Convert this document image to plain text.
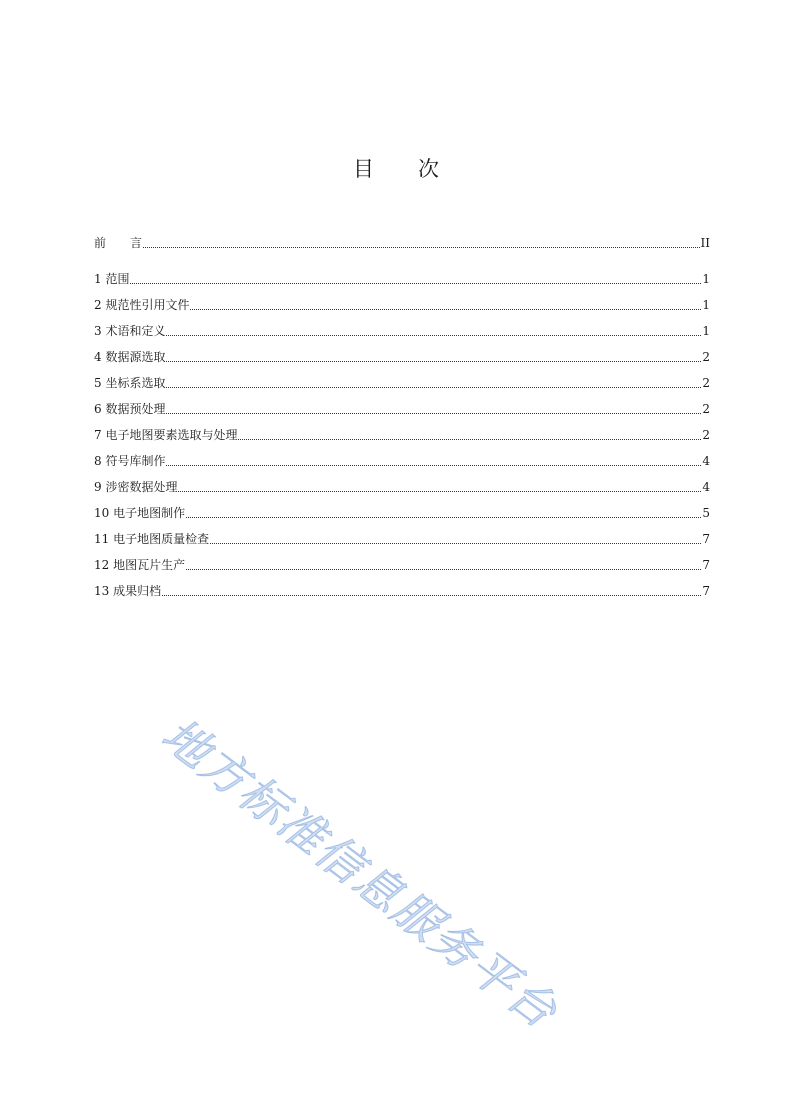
目 次
前 言	II
1 范围	1
2 规范性引用文件	1
3 术语和定义	1
4 数据源选取	2
5 坐标系选取	2
6 数据预处理	2
7 电子地图要素选取与处理	2
8 符号库制作	4
9 涉密数据处理	4
10 电子地图制作	5
11 电子地图质量检查	7
12 地图瓦片生产	7
13 成果归档	7
地方标准信息服务平台
